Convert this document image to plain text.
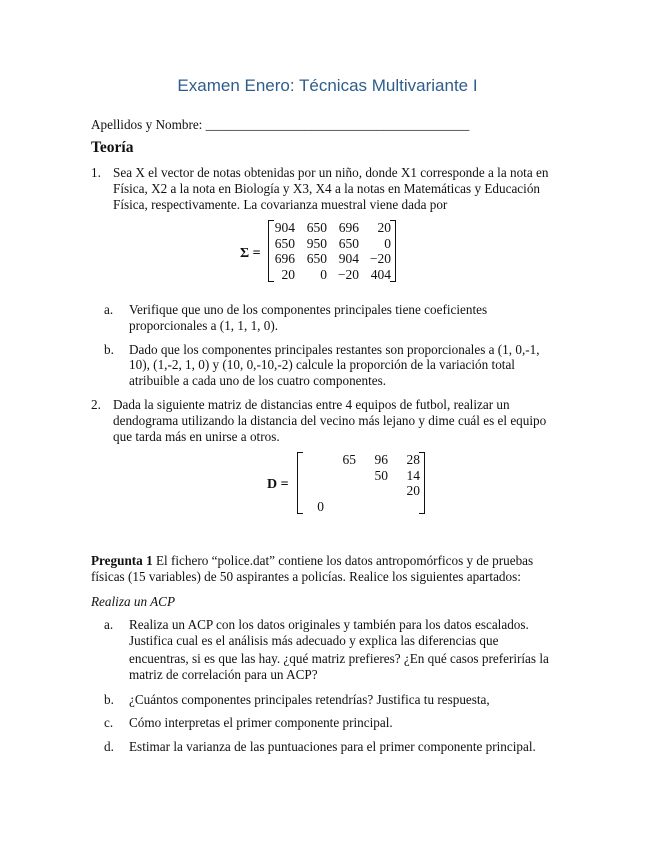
Examen Enero: Técnicas Multivariante I
Apellidos y Nombre: ________________________________________
Teoría
1. Sea X el vector de notas obtenidas por un niño, donde X1 corresponde a la nota en
Física, X2 a la nota en Biología y X3, X4 a la notas en Matemáticas y Educación
Física, respectivamente. La covarianza muestral viene dada por
Σ =
904	650	696	20
650	950	650	0
696	650	904	−20
20	0	−20	404
a. Verifique que uno de los componentes principales tiene coeficientes
proporcionales a (1, 1, 1, 0).
b. Dado que los componentes principales restantes son proporcionales a (1, 0,-1,
10), (1,-2, 1, 0) y (10, 0,-10,-2) calcule la proporción de la variación total
atribuible a cada uno de los cuatro componentes.
2. Dada la siguiente matriz de distancias entre 4 equipos de futbol, realizar un
dendograma utilizando la distancia del vecino más lejano y dime cuál es el equipo
que tarda más en unirse a otros.
D =
	65	96	28
		50	14
			20
0			
Pregunta 1 El fichero “police.dat” contiene los datos antropomórficos y de pruebas
físicas (15 variables) de 50 aspirantes a policías. Realice los siguientes apartados:
Realiza un ACP
a. Realiza un ACP con los datos originales y también para los datos escalados.
Justifica cual es el análisis más adecuado y explica las diferencias que
encuentras, si es que las hay. ¿qué matriz prefieres? ¿En qué casos preferirías la
matriz de correlación para un ACP?
b. ¿Cuántos componentes principales retendrías? Justifica tu respuesta,
c. Cómo interpretas el primer componente principal.
d. Estimar la varianza de las puntuaciones para el primer componente principal.
